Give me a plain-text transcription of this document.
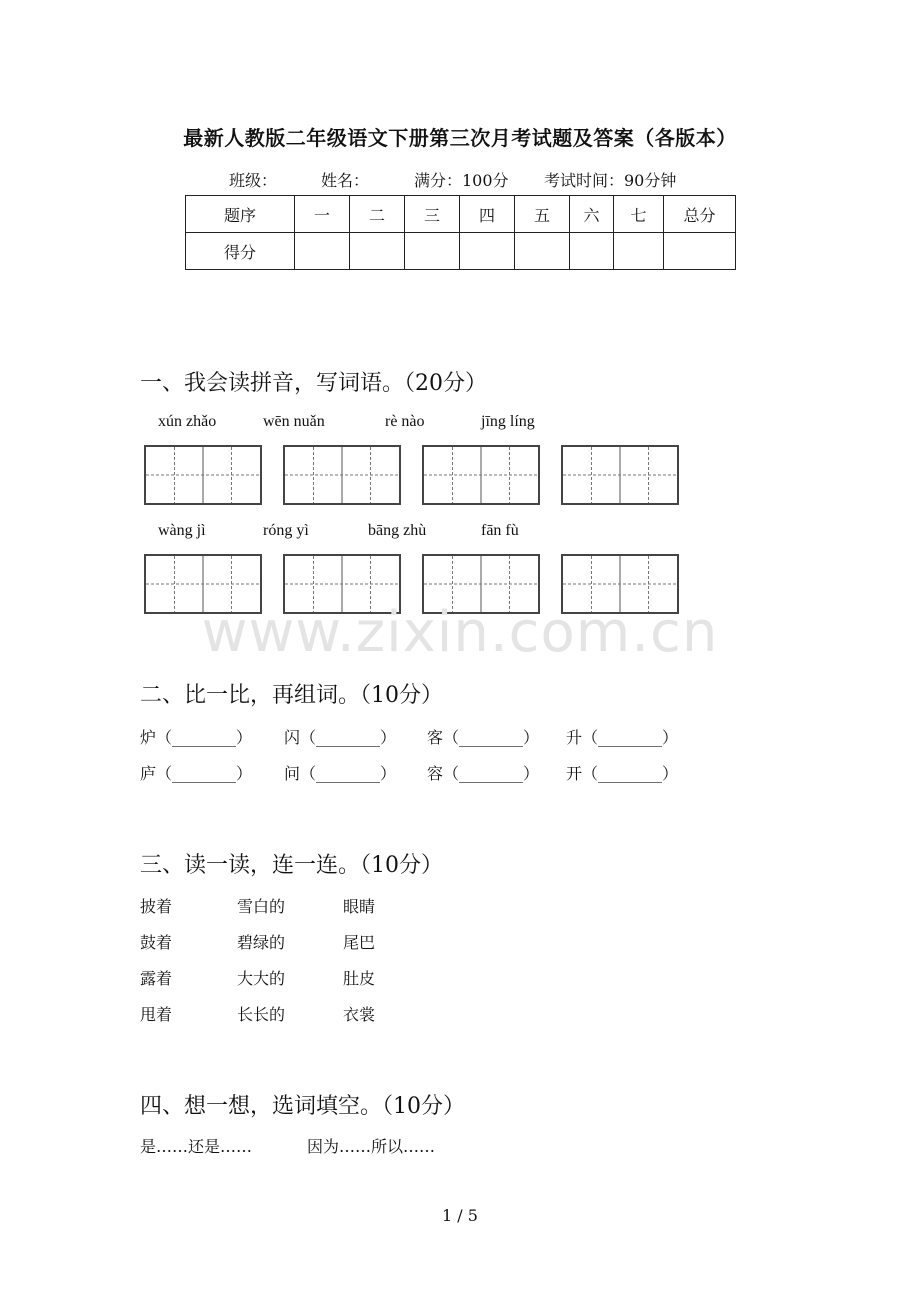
最新人教版二年级语文下册第三次月考试题及答案（各版本）
班级：	姓名：	满分：100分 考试时间：90分钟
题序	一	二	三	四	五	六	七	总分
得分								
一、我会读拼音，写词语。（20分）
xún zhǎo	wēn nuǎn	rè nào	jīng líng
wàng jì	róng yì	bāng zhù	fān fù
www.zixin.com.cn
二、比一比，再组词。（10分）
炉（________） 闪（________） 客（________） 升（________）
庐（________） 问（________） 容（________） 开（________）
三、读一读，连一连。（10分）
披着	雪白的	眼睛
鼓着	碧绿的	尾巴
露着	大大的	肚皮
甩着	长长的	衣裳
四、想一想，选词填空。（10分）
是……还是……	因为……所以……
1 / 5
